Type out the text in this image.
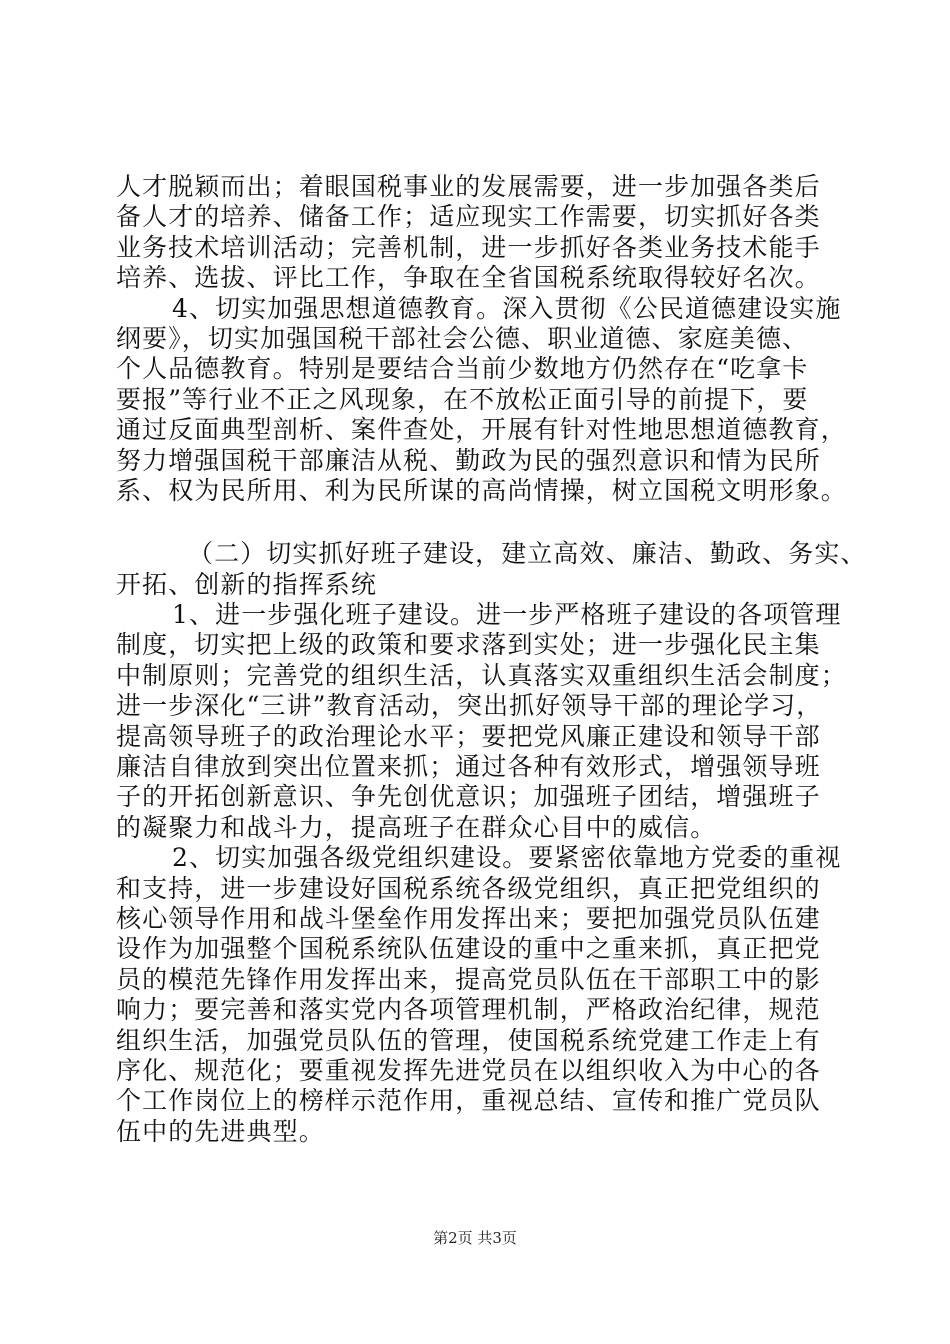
人才脱颖而出；着眼国税事业的发展需要，进一步加强各类后
备人才的培养、储备工作；适应现实工作需要，切实抓好各类
业务技术培训活动；完善机制，进一步抓好各类业务技术能手
培养、选拔、评比工作，争取在全省国税系统取得较好名次。
4、切实加强思想道德教育。深入贯彻《公民道德建设实施
纲要》，切实加强国税干部社会公德、职业道德、家庭美德、
个人品德教育。特别是要结合当前少数地方仍然存在“吃拿卡
要报”等行业不正之风现象，在不放松正面引导的前提下，要
通过反面典型剖析、案件查处，开展有针对性地思想道德教育，
努力增强国税干部廉洁从税、勤政为民的强烈意识和情为民所
系、权为民所用、利为民所谋的高尚情操，树立国税文明形象。
（二）切实抓好班子建设，建立高效、廉洁、勤政、务实、
开拓、创新的指挥系统
1、进一步强化班子建设。进一步严格班子建设的各项管理
制度，切实把上级的政策和要求落到实处；进一步强化民主集
中制原则；完善党的组织生活，认真落实双重组织生活会制度；
进一步深化“三讲”教育活动，突出抓好领导干部的理论学习，
提高领导班子的政治理论水平；要把党风廉正建设和领导干部
廉洁自律放到突出位置来抓；通过各种有效形式，增强领导班
子的开拓创新意识、争先创优意识；加强班子团结，增强班子
的凝聚力和战斗力，提高班子在群众心目中的威信。
2、切实加强各级党组织建设。要紧密依靠地方党委的重视
和支持，进一步建设好国税系统各级党组织，真正把党组织的
核心领导作用和战斗堡垒作用发挥出来；要把加强党员队伍建
设作为加强整个国税系统队伍建设的重中之重来抓，真正把党
员的模范先锋作用发挥出来，提高党员队伍在干部职工中的影
响力；要完善和落实党内各项管理机制，严格政治纪律，规范
组织生活，加强党员队伍的管理，使国税系统党建工作走上有
序化、规范化；要重视发挥先进党员在以组织收入为中心的各
个工作岗位上的榜样示范作用，重视总结、宣传和推广党员队
伍中的先进典型。
第2页 共3页
